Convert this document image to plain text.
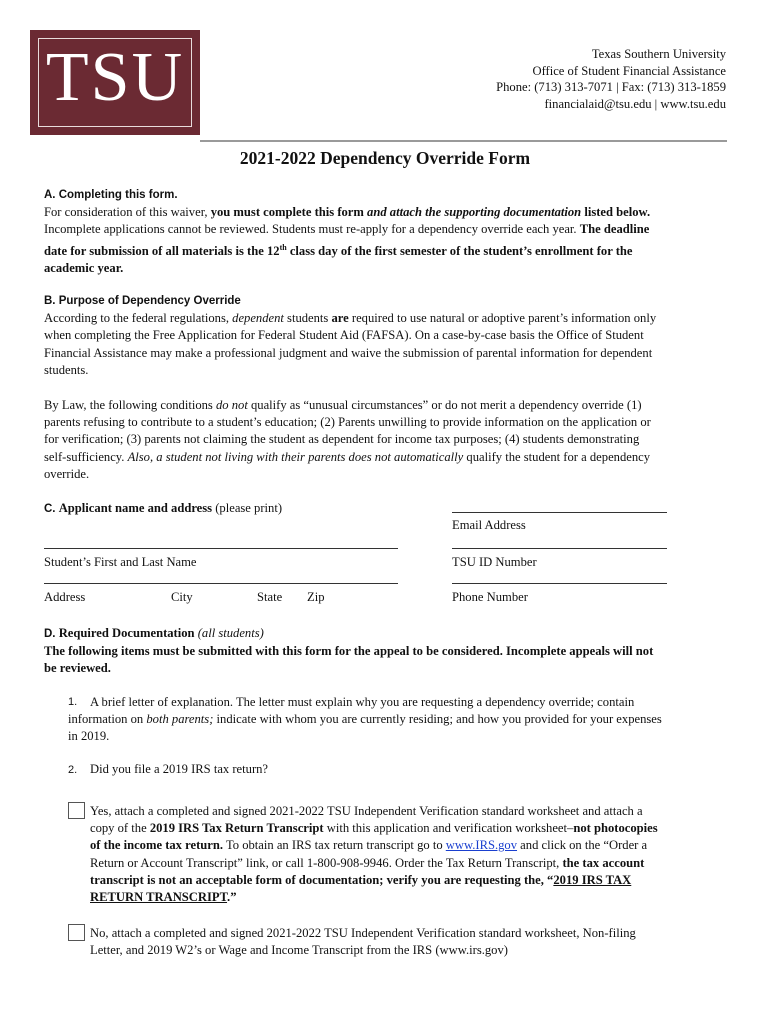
TSU	Texas Southern University
Office of Student Financial Assistance
Phone: (713) 313-7071 | Fax: (713) 313-1859
financialaid@tsu.edu | www.tsu.edu
2021-2022 Dependency Override Form
A. Completing this form.
For consideration of this waiver, you must complete this form and attach the supporting documentation listed below.
Incomplete applications cannot be reviewed. Students must re-apply for a dependency override each year. The deadline
date for submission of all materials is the 12th class day of the first semester of the student’s enrollment for the
academic year.
B. Purpose of Dependency Override
According to the federal regulations, dependent students are required to use natural or adoptive parent’s information only
when completing the Free Application for Federal Student Aid (FAFSA). On a case-by-case basis the Office of Student
Financial Assistance may make a professional judgment and waive the submission of parental information for dependent
students.
By Law, the following conditions do not qualify as “unusual circumstances” or do not merit a dependency override (1)
parents refusing to contribute to a student’s education; (2) Parents unwilling to provide information on the application or
for verification; (3) parents not claiming the student as dependent for income tax purposes; (4) students demonstrating
self-sufficiency. Also, a student not living with their parents does not automatically qualify the student for a dependency
override.
C. Applicant name and address (please print)
Email Address
Student’s First and Last Name	TSU ID Number
Address	City	State Zip	Phone Number
D. Required Documentation (all students)
The following items must be submitted with this form for the appeal to be considered. Incomplete appeals will not
be reviewed.
1.	A brief letter of explanation. The letter must explain why you are requesting a dependency override; contain
information on both parents; indicate with whom you are currently residing; and how you provided for your expenses
in 2019.
2. Did you file a 2019 IRS tax return?
Yes, attach a completed and signed 2021-2022 TSU Independent Verification standard worksheet and attach a
copy of the 2019 IRS Tax Return Transcript with this application and verification worksheet–not photocopies
of the income tax return. To obtain an IRS tax return transcript go to www.IRS.gov and click on the “Order a
Return or Account Transcript” link, or call 1-800-908-9946. Order the Tax Return Transcript, the tax account
transcript is not an acceptable form of documentation; verify you are requesting the, “2019 IRS TAX
RETURN TRANSCRIPT.”
No, attach a completed and signed 2021-2022 TSU Independent Verification standard worksheet, Non-filing
Letter, and 2019 W2’s or Wage and Income Transcript from the IRS (www.irs.gov)
